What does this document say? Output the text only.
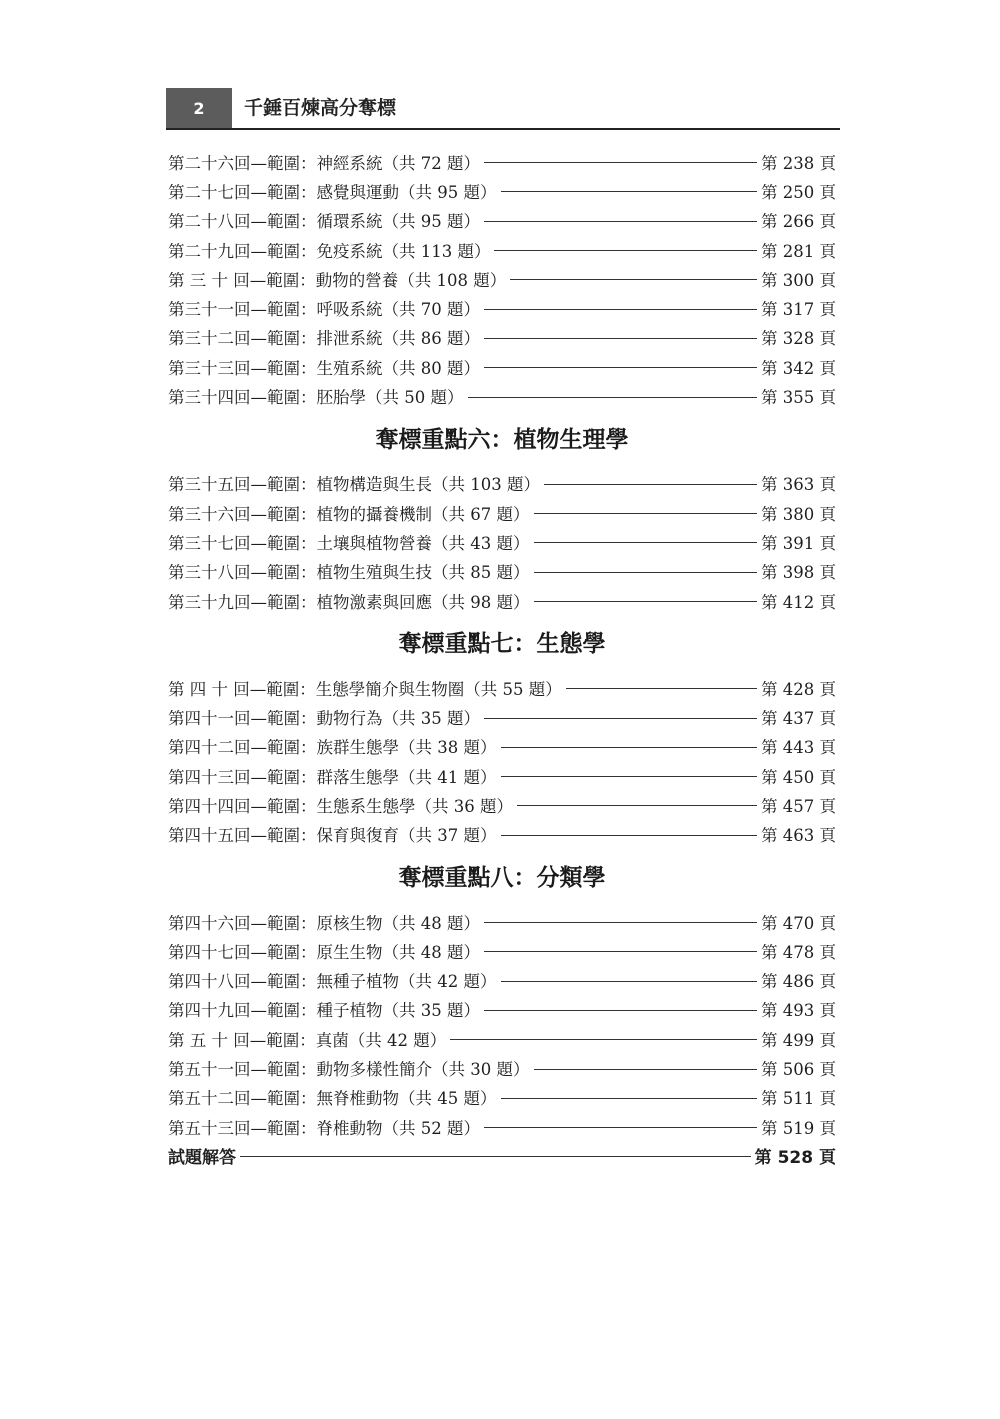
2	千錘百煉高分奪標
第二十六回—範圍：神經系統（共 72 題）	第 238 頁
第二十七回—範圍：感覺與運動（共 95 題）	第 250 頁
第二十八回—範圍：循環系統（共 95 題）	第 266 頁
第二十九回—範圍：免疫系統（共 113 題）	第 281 頁
第 三 十 回—範圍：動物的營養（共 108 題）	第 300 頁
第三十一回—範圍：呼吸系統（共 70 題）	第 317 頁
第三十二回—範圍：排泄系統（共 86 題）	第 328 頁
第三十三回—範圍：生殖系統（共 80 題）	第 342 頁
第三十四回—範圍：胚胎學（共 50 題）	第 355 頁
奪標重點六：植物生理學
第三十五回—範圍：植物構造與生長（共 103 題）	第 363 頁
第三十六回—範圍：植物的攝養機制（共 67 題）	第 380 頁
第三十七回—範圍：土壤與植物營養（共 43 題）	第 391 頁
第三十八回—範圍：植物生殖與生技（共 85 題）	第 398 頁
第三十九回—範圍：植物激素與回應（共 98 題）	第 412 頁
奪標重點七：生態學
第 四 十 回—範圍：生態學簡介與生物圈（共 55 題）	第 428 頁
第四十一回—範圍：動物行為（共 35 題）	第 437 頁
第四十二回—範圍：族群生態學（共 38 題）	第 443 頁
第四十三回—範圍：群落生態學（共 41 題）	第 450 頁
第四十四回—範圍：生態系生態學（共 36 題）	第 457 頁
第四十五回—範圍：保育與復育（共 37 題）	第 463 頁
奪標重點八：分類學
第四十六回—範圍：原核生物（共 48 題）	第 470 頁
第四十七回—範圍：原生生物（共 48 題）	第 478 頁
第四十八回—範圍：無種子植物（共 42 題）	第 486 頁
第四十九回—範圍：種子植物（共 35 題）	第 493 頁
第 五 十 回—範圍：真菌（共 42 題）	第 499 頁
第五十一回—範圍：動物多樣性簡介（共 30 題）	第 506 頁
第五十二回—範圍：無脊椎動物（共 45 題）	第 511 頁
第五十三回—範圍：脊椎動物（共 52 題）	第 519 頁
試題解答	第 528 頁
